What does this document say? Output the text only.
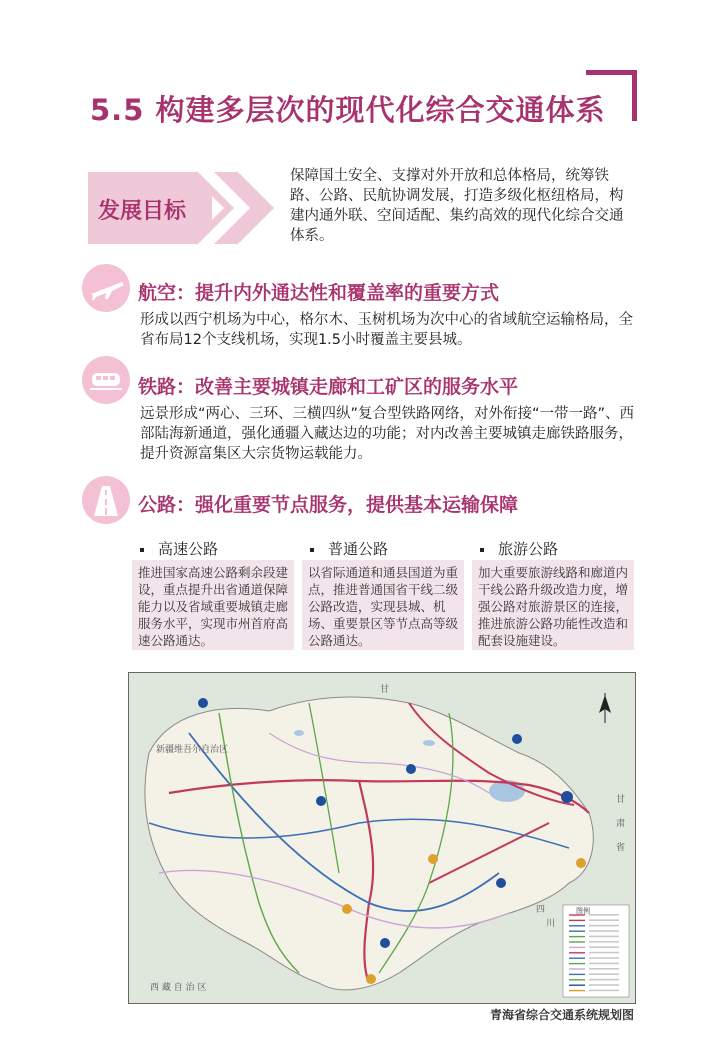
5.5 构建多层次的现代化综合交通体系
发展目标
保障国土安全、支撑对外开放和总体格局，统筹铁路、公路、民航协调发展，打造多级化枢纽格局，构建内通外联、空间适配、集约高效的现代化综合交通体系。
航空：提升内外通达性和覆盖率的重要方式
形成以西宁机场为中心，格尔木、玉树机场为次中心的省域航空运输格局，全省布局12个支线机场，实现1.5小时覆盖主要县城。
铁路：改善主要城镇走廊和工矿区的服务水平
远景形成“两心、三环、三横四纵”复合型铁路网络，对外衔接“一带一路”、西部陆海新通道，强化通疆入藏达边的功能；对内改善主要城镇走廊铁路服务，提升资源富集区大宗货物运载能力。
公路：强化重要节点服务，提供基本运输保障
高速公路	普通公路	旅游公路
推进国家高速公路剩余段建设，重点提升出省通道保障能力以及省域重要城镇走廊服务水平，实现市州首府高速公路通达。
以省际通道和通县国道为重点，推进普通国省干线二级公路改造，实现县城、机场、重要景区等节点高等级公路通达。
加大重要旅游线路和廊道内干线公路升级改造力度，增强公路对旅游景区的连接，推进旅游公路功能性改造和配套设施建设。
新疆维吾尔自治区
甘
甘
肃
省
四
川
西 藏 自 治 区
图例
青海省综合交通系统规划图
